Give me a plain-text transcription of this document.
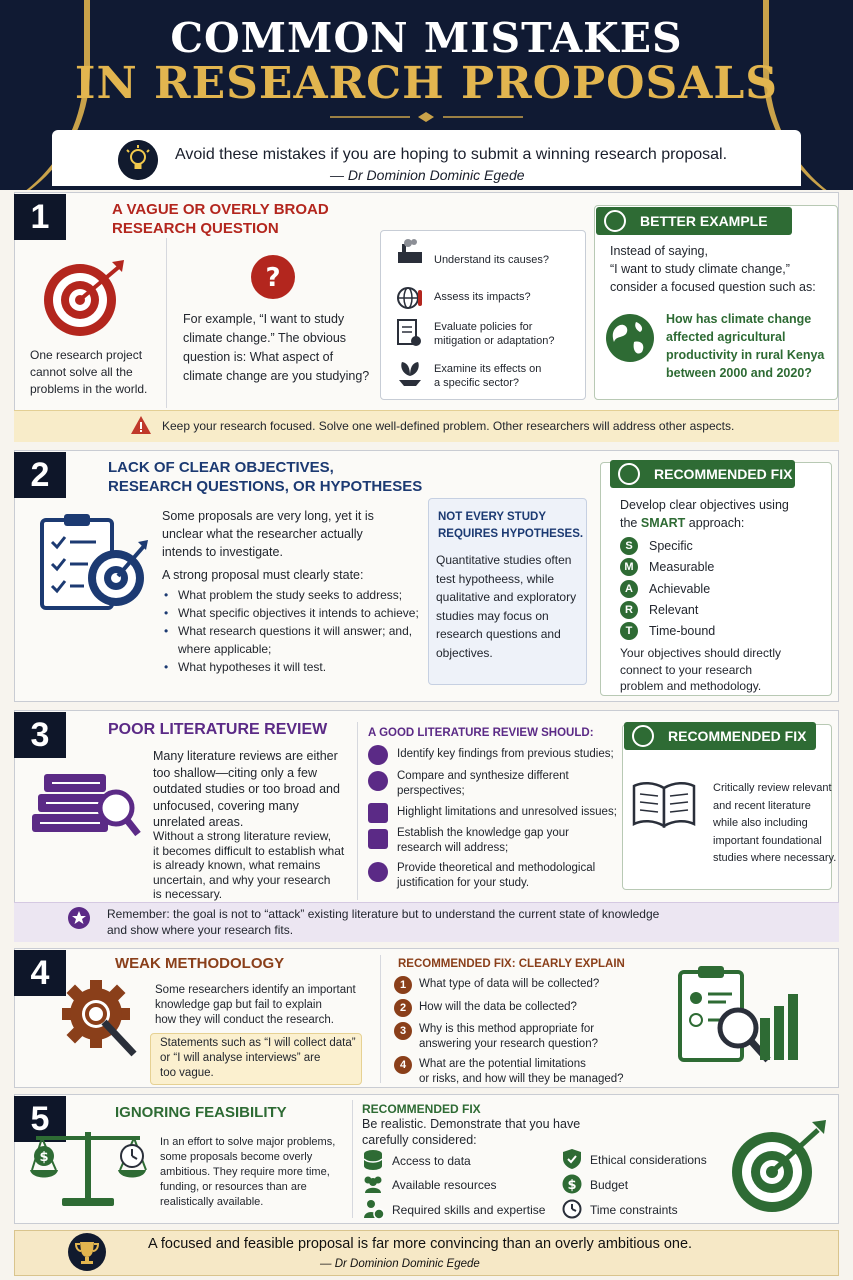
COMMON MISTAKES
IN RESEARCH PROPOSALS
Avoid these mistakes if you are hoping to submit a winning research proposal.
— Dr Dominion Dominic Egede
1	A VAGUE OR OVERLY BROAD
RESEARCH QUESTION
One research project
cannot solve all the
problems in the world.
?
For example, “I want to study
climate change.” The obvious
question is: What aspect of
climate change are you studying?
Understand its causes?
Assess its impacts?
Evaluate policies for
mitigation or adaptation?
Examine its effects on
a specific sector?
BETTER EXAMPLE
Instead of saying,
“I want to study climate change,”
consider a focused question such as:
How has climate change
affected agricultural
productivity in rural Kenya
between 2000 and 2020?
Keep your research focused. Solve one well-defined problem. Other researchers will address other aspects.
2	LACK OF CLEAR OBJECTIVES,
RESEARCH QUESTIONS, OR HYPOTHESES
Some proposals are very long, yet it is
unclear what the researcher actually
intends to investigate.
A strong proposal must clearly state:
• What problem the study seeks to address;
• What specific objectives it intends to achieve;
• What research questions it will answer; and,
where applicable;
• What hypotheses it will test.
NOT EVERY STUDY
REQUIRES HYPOTHESES.
Quantitative studies often
test hypotheess, while
qualitative and exploratory
studies may focus on
research questions and
objectives.
RECOMMENDED FIX
Develop clear objectives using
the SMART approach:
S	Specific
M	Measurable
A	Achievable
R	Relevant
T	Time-bound
Your objectives should directly
connect to your research
problem and methodology.
3	POOR LITERATURE REVIEW
Many literature reviews are either
too shallow—citing only a few
outdated studies or too broad and
unfocused, covering many
unrelated areas.
Without a strong literature review,
it becomes difficult to establish what
is already known, what remains
uncertain, and why your research
is necessary.
A GOOD LITERATURE REVIEW SHOULD:
Identify key findings from previous studies;
Compare and synthesize different
perspectives;
Highlight limitations and unresolved issues;
Establish the knowledge gap your
research will address;
Provide theoretical and methodological
justification for your study.
RECOMMENDED FIX
Critically review relevant
and recent literature
while also including
important foundational
studies where necessary.
Remember: the goal is not to “attack” existing literature but to understand the current state of knowledge
and show where your research fits.
4	WEAK METHODOLOGY
Some researchers identify an important
knowledge gap but fail to explain
how they will conduct the research.
Statements such as “I will collect data”
or “I will analyse interviews” are
too vague.
RECOMMENDED FIX: CLEARLY EXPLAIN
1	What type of data will be collected?
2	How will the data be collected?
3	Why is this method appropriate for
answering your research question?
4	What are the potential limitations
or risks, and how will they be managed?
5	IGNORING FEASIBILITY
$
In an effort to solve major problems,
some proposals become overly
ambitious. They require more time,
funding, or resources than are
realistically available.
RECOMMENDED FIX
Be realistic. Demonstrate that you have
carefully considered:
Access to data
Available resources
Required skills and expertise
Ethical considerations
$ Budget
Time constraints
A focused and feasible proposal is far more convincing than an overly ambitious one.
— Dr Dominion Dominic Egede
